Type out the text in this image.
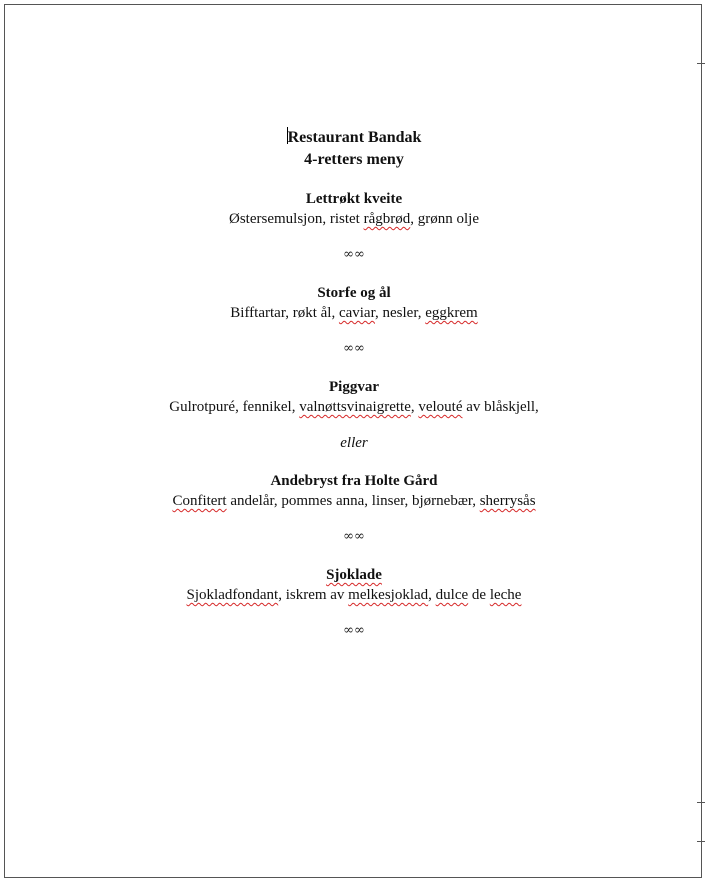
Restaurant Bandak
4-retters meny
Lettrøkt kveite
Østersemulsjon, ristet rågbrød, grønn olje
∞∞
Storfe og ål
Bifftartar, røkt ål, caviar, nesler, eggkrem
∞∞
Piggvar
Gulrotpuré, fennikel, valnøttsvinaigrette, velouté av blåskjell,
eller
Andebryst fra Holte Gård
Confitert andelår, pommes anna, linser, bjørnebær, sherrysås
∞∞
Sjoklade
Sjokladfondant, iskrem av melkesjoklad, dulce de leche
∞∞
